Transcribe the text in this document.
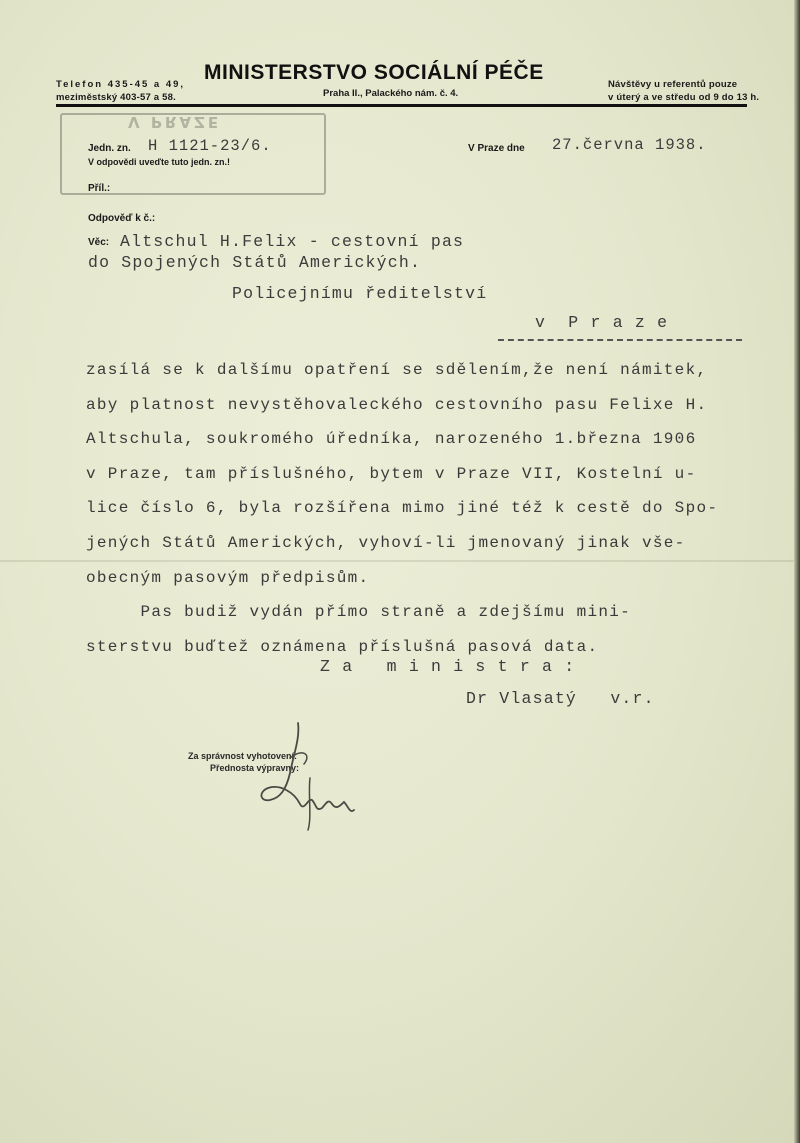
Telefon 435-45 a 49,
meziměstský 403-57 a 58.
MINISTERSTVO SOCIÁLNÍ PÉČE
Praha II., Palackého nám. č. 4.
Návštěvy u referentů pouze
v úterý a ve středu od 9 do 13 h.
V PRAZE
Jedn. zn. H 1121-23/6.
V odpovědi uveďte tuto jedn. zn.!
Příl.:
Odpověď k č.:
V Praze dne 27.června 1938.
Věc: Altschul H.Felix - cestovní pas
do Spojených Států Amerických.
Policejnímu ředitelství
v  P r a z e
zasílá se k dalšímu opatření se sdělením,že není námitek,
aby platnost nevystěhovaleckého cestovního pasu Felixe H.
Altschula, soukromého úředníka, narozeného 1.března 1906
v Praze, tam příslušného, bytem v Praze VII, Kostelní u-
lice číslo 6, byla rozšířena mimo jiné též k cestě do Spo-
jených Států Amerických, vyhoví-li jmenovaný jinak vše-
obecným pasovým předpisům.
Pas budiž vydán přímo straně a zdejšímu mini-
sterstvu buďtež oznámena příslušná pasová data.
Z a   m i n i s t r a :
Dr Vlasatý   v.r.
Za správnost vyhotovení:
Přednosta výpravny:
